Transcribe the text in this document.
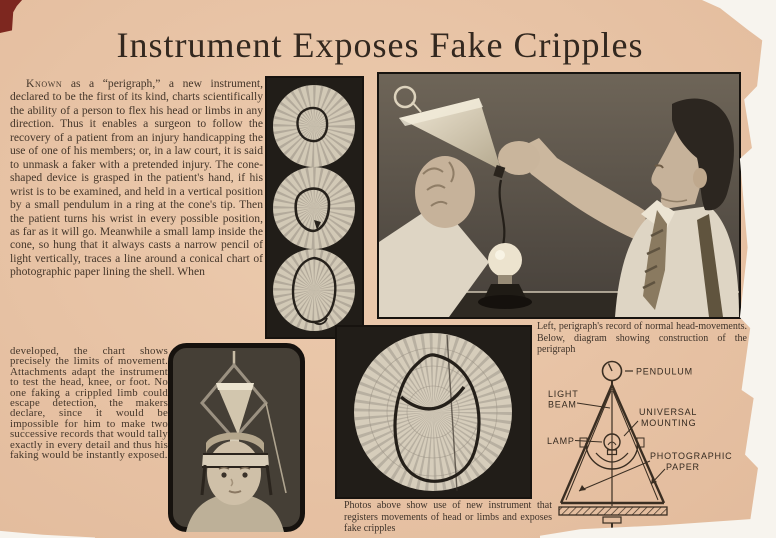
Instrument Exposes Fake Cripples
Known as a “perigraph,” a new instrument, declared to be the first of its kind, charts scientifically the ability of a person to flex his head or limbs in any direction. Thus it enables a surgeon to follow the recovery of a patient from an injury handicapping the use of one of his members; or, in a law court, it is said to unmask a faker with a pretended injury. The cone-shaped device is grasped in the patient's hand, if his wrist is to be examined, and held in a vertical position by a small pendulum in a ring at the cone's tip. Then the patient turns his wrist in every possible position, as far as it will go. Meanwhile a small lamp inside the cone, so hung that it always casts a narrow pencil of light vertically, traces a line around a conical chart of photographic paper lining the shell. When
developed, the chart shows precisely the limits of movement. Attachments adapt the instrument to test the head, knee, or foot. No one faking a crippled limb could escape detection, the makers declare, since it would be impossible for him to make two successive records that would tally exactly in every detail and thus his faking would be instantly exposed.
Left, perigraph's record of normal head-movements. Below, diagram showing construction of the perigraph
PENDULUM
LIGHT
BEAM
UNIVERSAL
MOUNTING
LAMP
PHOTOGRAPHIC
PAPER
Photos above show use of new instrument that registers movements of head or limbs and exposes fake cripples
